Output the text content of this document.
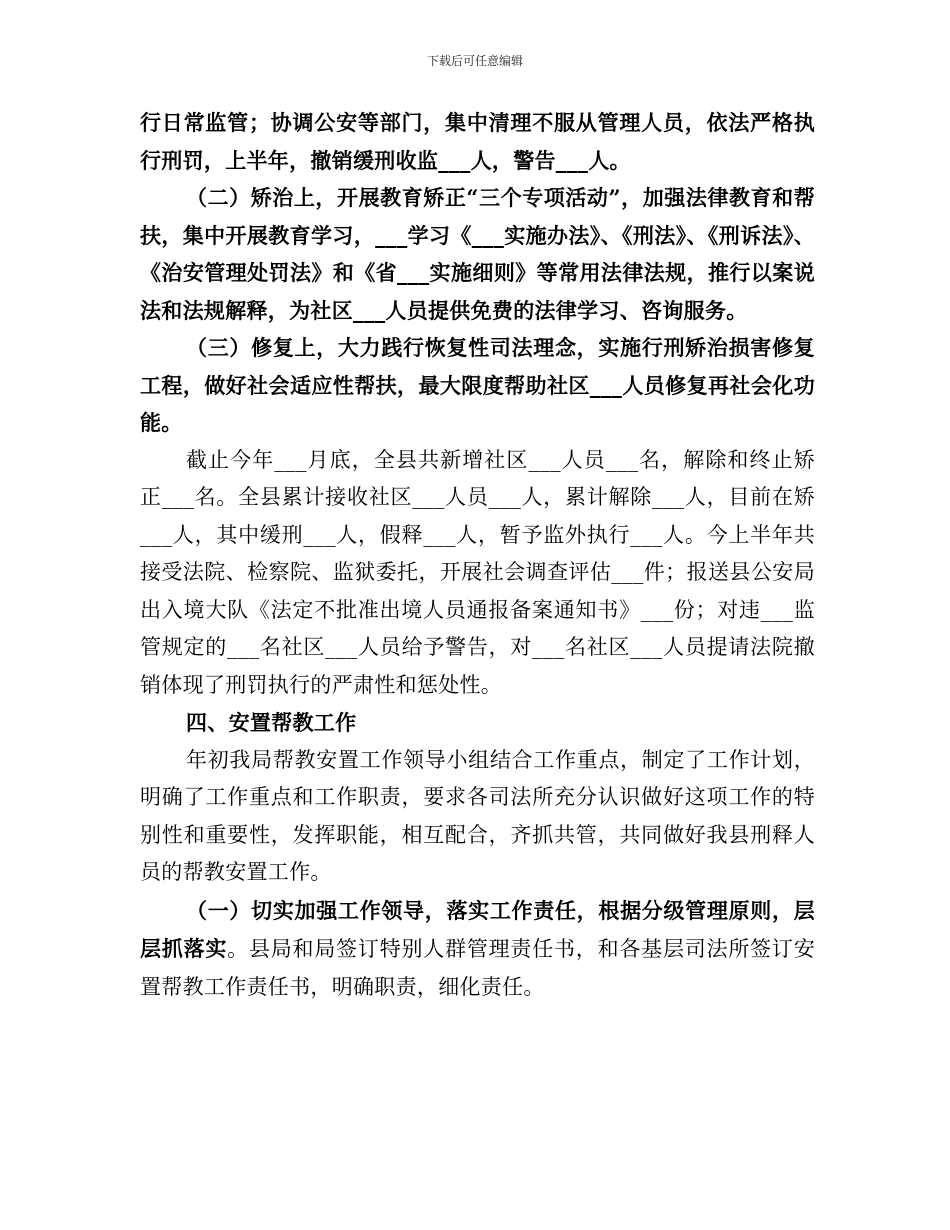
下载后可任意编辑

行日常监管；协调公安等部门，集中清理不服从管理人员，依法严格执行刑罚，上半年，撤销缓刑收监___人，警告___人。

（二）矫治上，开展教育矫正“三个专项活动”，加强法律教育和帮扶，集中开展教育学习，___学习《___实施办法》、《刑法》、《刑诉法》、《治安管理处罚法》和《省___实施细则》等常用法律法规，推行以案说法和法规解释，为社区___人员提供免费的法律学习、咨询服务。

（三）修复上，大力践行恢复性司法理念，实施行刑矫治损害修复工程，做好社会适应性帮扶，最大限度帮助社区___人员修复再社会化功能。

截止今年___月底，全县共新增社区___人员___名，解除和终止矫正___名。全县累计接收社区___人员___人，累计解除___人，目前在矫___人，其中缓刑___人，假释___人，暂予监外执行___人。今上半年共接受法院、检察院、监狱委托，开展社会调查评估___件；报送县公安局出入境大队《法定不批准出境人员通报备案通知书》___份；对违___监管规定的___名社区___人员给予警告，对___名社区___人员提请法院撤销体现了刑罚执行的严肃性和惩处性。

四、安置帮教工作

年初我局帮教安置工作领导小组结合工作重点，制定了工作计划，明确了工作重点和工作职责，要求各司法所充分认识做好这项工作的特别性和重要性，发挥职能，相互配合，齐抓共管，共同做好我县刑释人员的帮教安置工作。

（一）切实加强工作领导，落实工作责任，根据分级管理原则，层层抓落实。县局和局签订特别人群管理责任书，和各基层司法所签订安置帮教工作责任书，明确职责，细化责任。
